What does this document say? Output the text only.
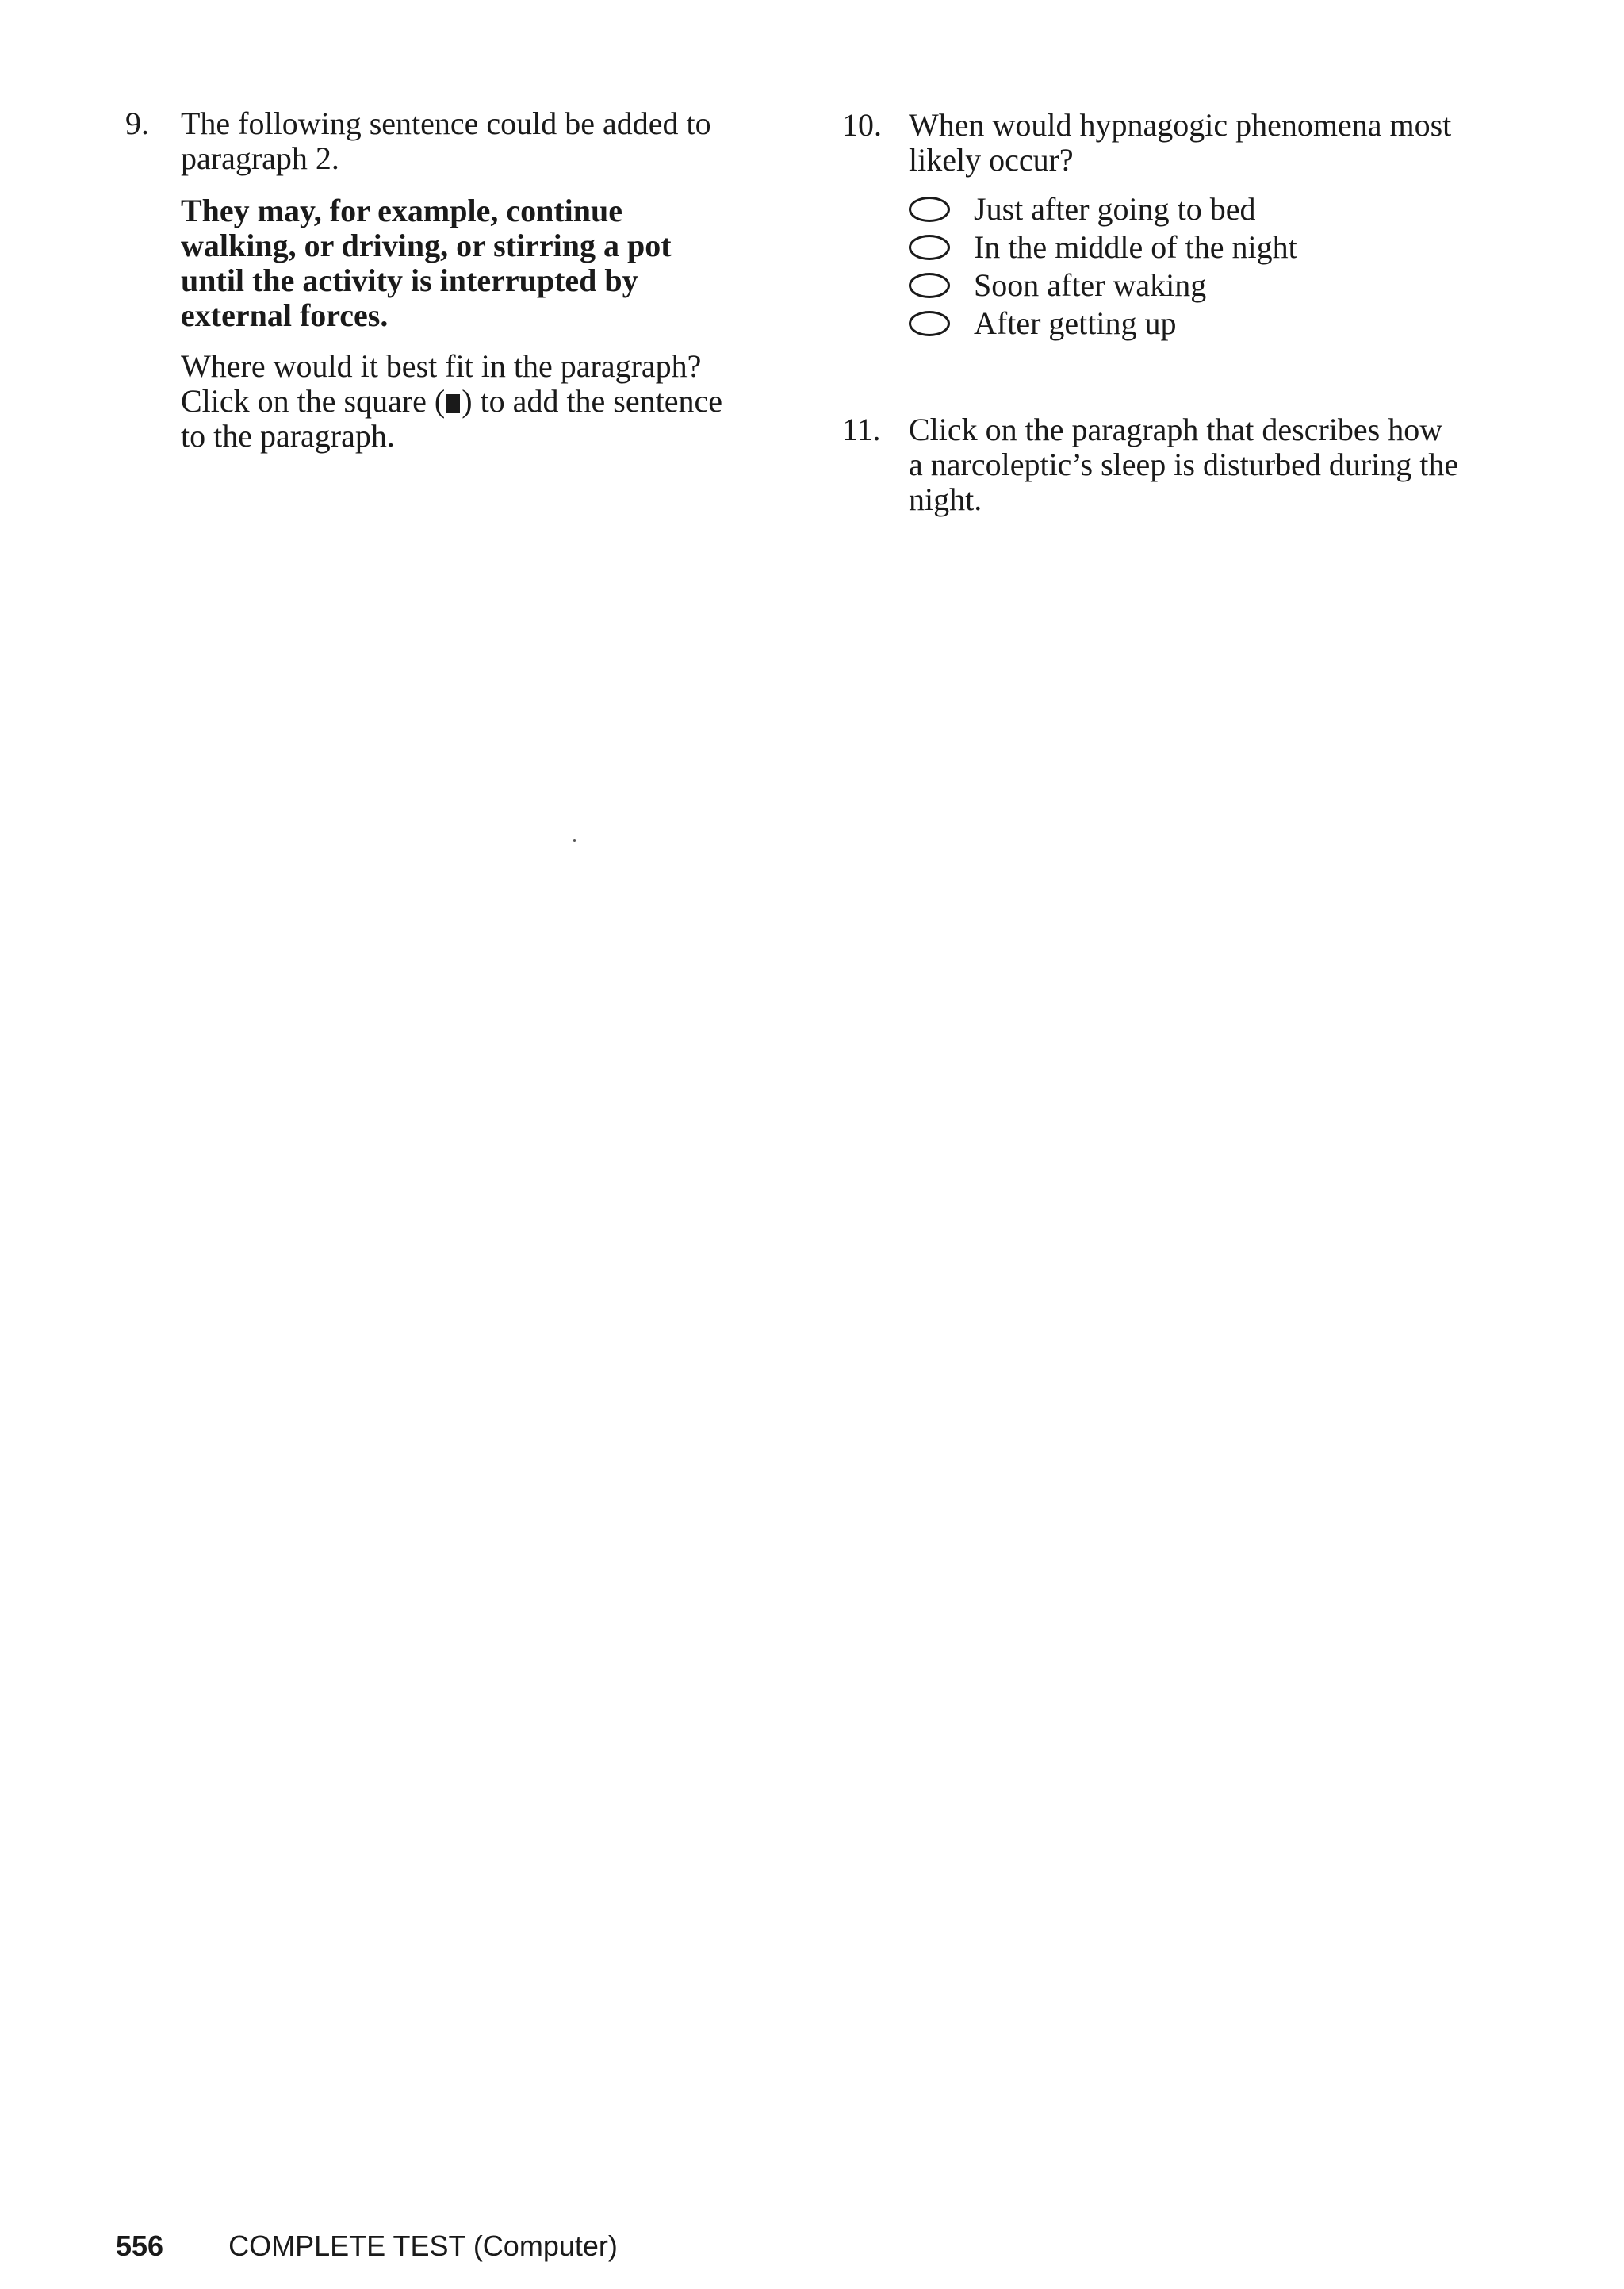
9. The following sentence could be added to
paragraph 2.
They may, for example, continue
walking, or driving, or stirring a pot
until the activity is interrupted by
external forces.
Where would it best fit in the paragraph?
Click on the square ( ) to add the sentence
to the paragraph.
10. When would hypnagogic phenomena most
likely occur?
Just after going to bed
In the middle of the night
Soon after waking
After getting up
11. Click on the paragraph that describes how
a narcoleptic’s sleep is disturbed during the
night.
556 COMPLETE TEST (Computer)
